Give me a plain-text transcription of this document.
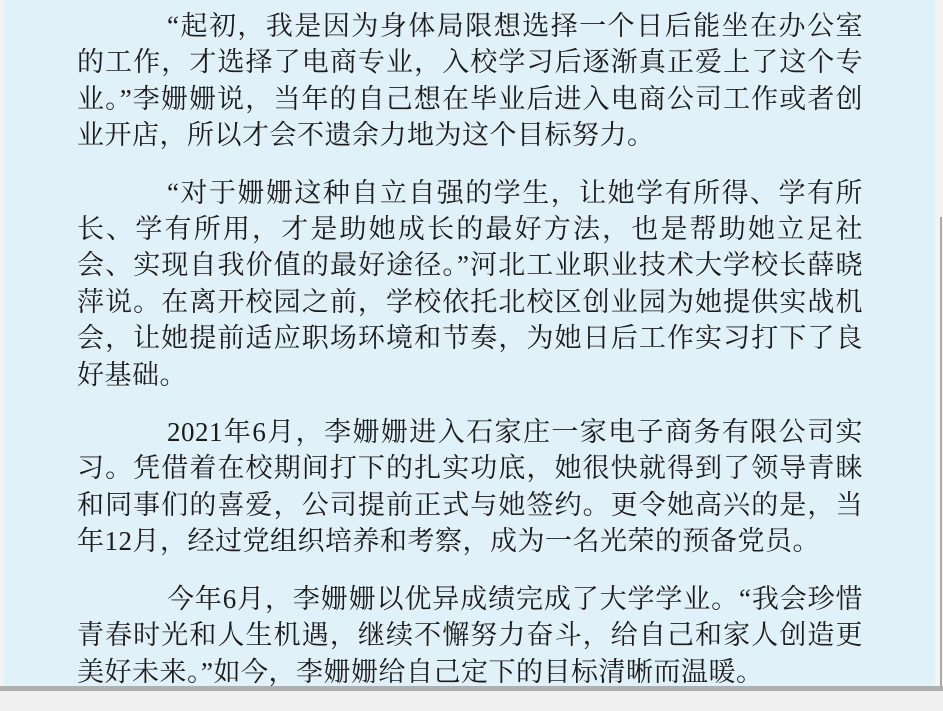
“起初，我是因为身体局限想选择一个日后能坐在办公室的工作，才选择了电商专业，入校学习后逐渐真正爱上了这个专业。”李姗姗说，当年的自己想在毕业后进入电商公司工作或者创业开店，所以才会不遗余力地为这个目标努力。

“对于姗姗这种自立自强的学生，让她学有所得、学有所长、学有所用，才是助她成长的最好方法，也是帮助她立足社会、实现自我价值的最好途径。”河北工业职业技术大学校长薛晓萍说。在离开校园之前，学校依托北校区创业园为她提供实战机会，让她提前适应职场环境和节奏，为她日后工作实习打下了良好基础。

2021年6月，李姗姗进入石家庄一家电子商务有限公司实习。凭借着在校期间打下的扎实功底，她很快就得到了领导青睐和同事们的喜爱，公司提前正式与她签约。更令她高兴的是，当年12月，经过党组织培养和考察，成为一名光荣的预备党员。

今年6月，李姗姗以优异成绩完成了大学学业。“我会珍惜青春时光和人生机遇，继续不懈努力奋斗，给自己和家人创造更美好未来。”如今，李姗姗给自己定下的目标清晰而温暖。
